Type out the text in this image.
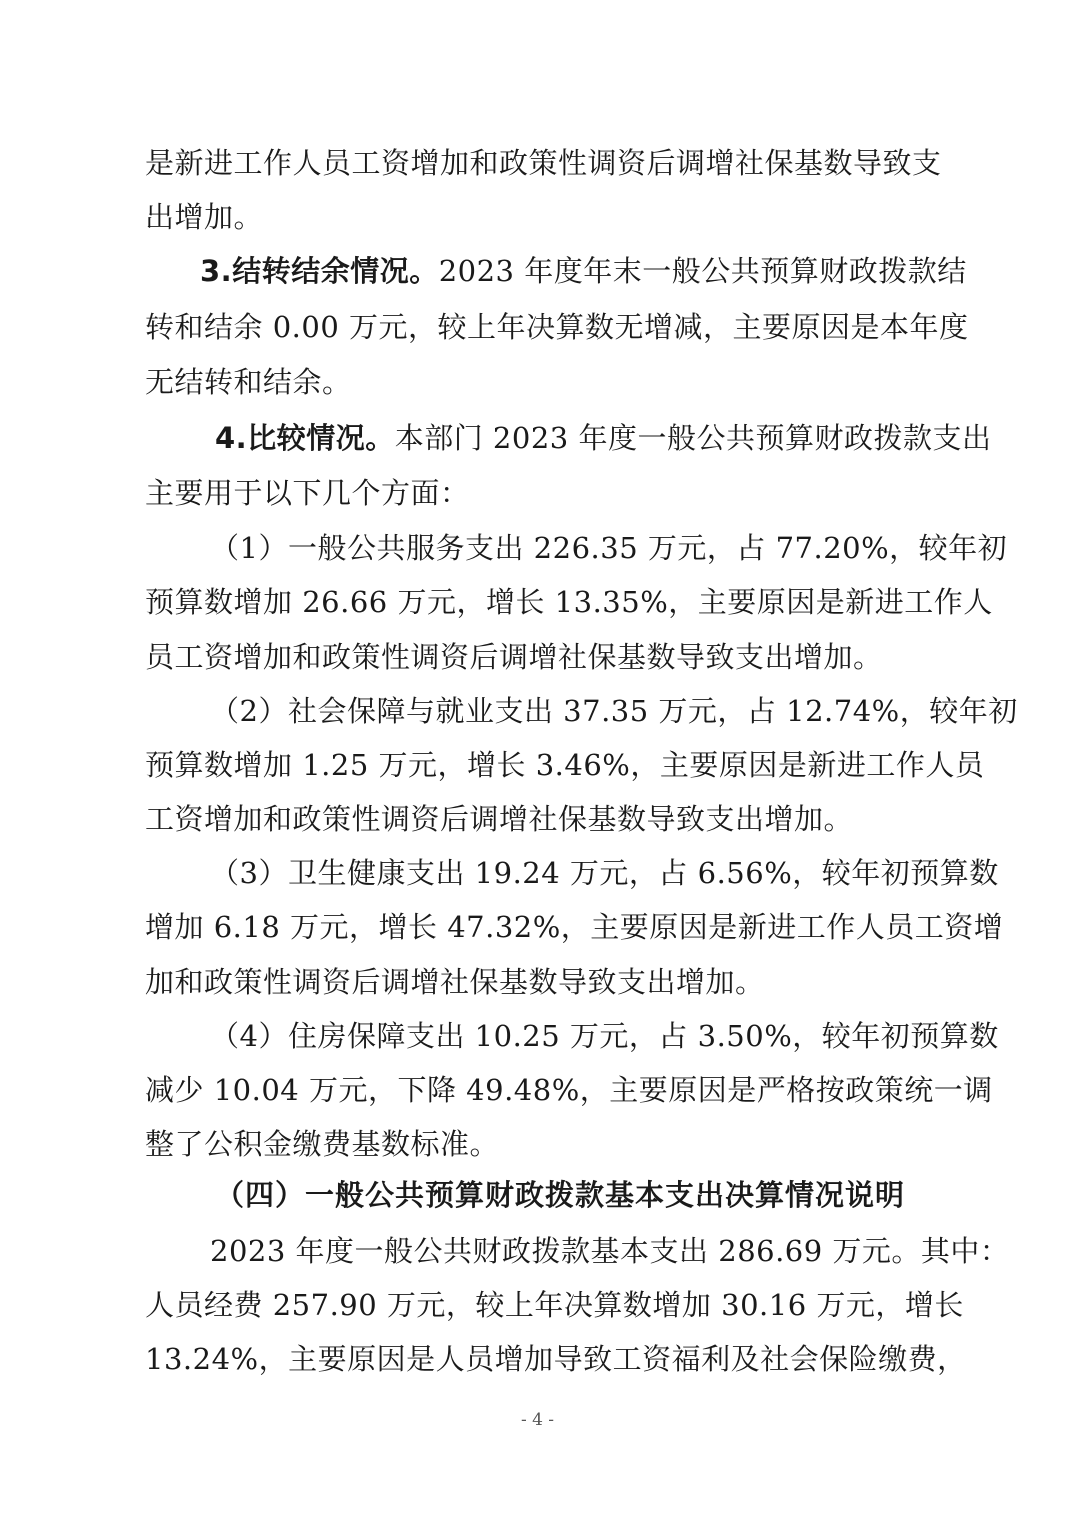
是新进工作人员工资增加和政策性调资后调增社保基数导致支
出增加。
3.结转结余情况。2023 年度年末一般公共预算财政拨款结
转和结余 0.00 万元，较上年决算数无增减，主要原因是本年度
无结转和结余。
4.比较情况。本部门 2023 年度一般公共预算财政拨款支出
主要用于以下几个方面：
（1）一般公共服务支出 226.35 万元，占 77.20%，较年初
预算数增加 26.66 万元，增长 13.35%，主要原因是新进工作人
员工资增加和政策性调资后调增社保基数导致支出增加。
（2）社会保障与就业支出 37.35 万元，占 12.74%，较年初
预算数增加 1.25 万元，增长 3.46%，主要原因是新进工作人员
工资增加和政策性调资后调增社保基数导致支出增加。
（3）卫生健康支出 19.24 万元，占 6.56%，较年初预算数
增加 6.18 万元，增长 47.32%，主要原因是新进工作人员工资增
加和政策性调资后调增社保基数导致支出增加。
（4）住房保障支出 10.25 万元，占 3.50%，较年初预算数
减少 10.04 万元，下降 49.48%，主要原因是严格按政策统一调
整了公积金缴费基数标准。
（四）一般公共预算财政拨款基本支出决算情况说明
2023 年度一般公共财政拨款基本支出 286.69 万元。其中：
人员经费 257.90 万元，较上年决算数增加 30.16 万元，增长
13.24%，主要原因是人员增加导致工资福利及社会保险缴费，
- 4 -
